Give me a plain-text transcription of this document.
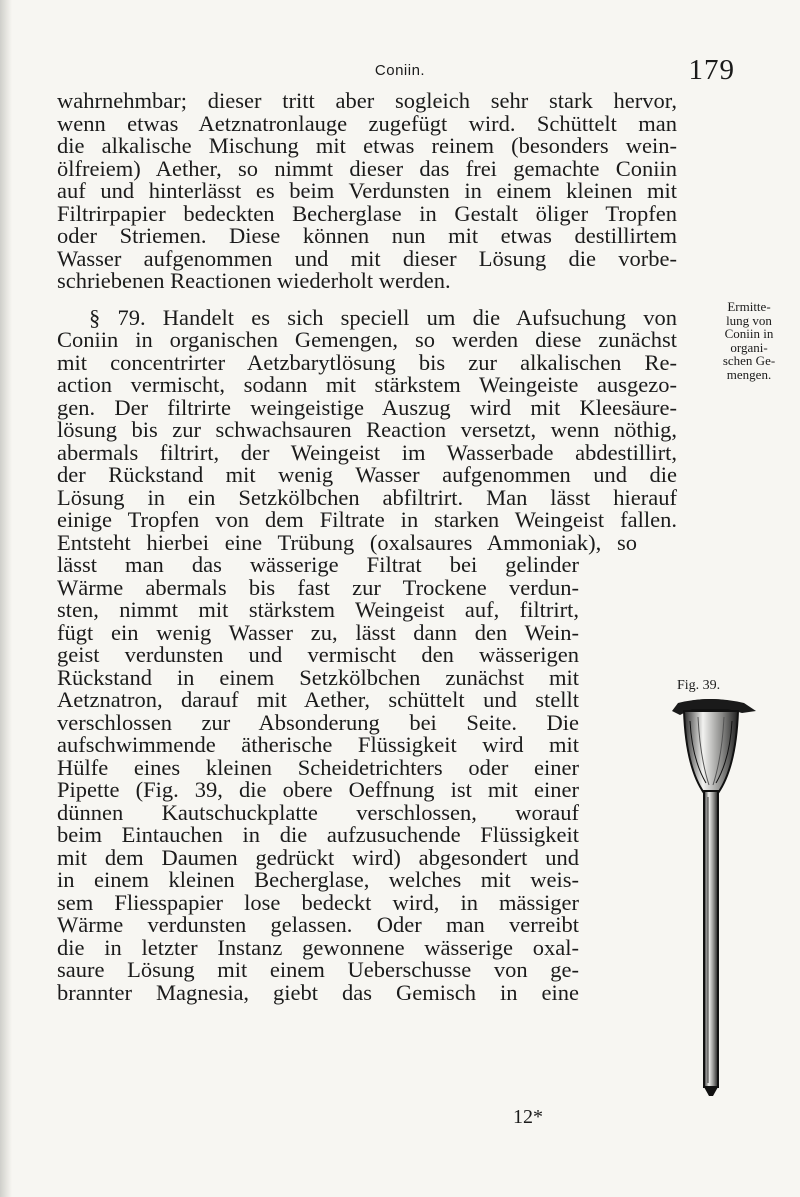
Coniin.	179
wahrnehmbar; dieser tritt aber sogleich sehr stark hervor,
wenn etwas Aetznatronlauge zugefügt wird. Schüttelt man
die alkalische Mischung mit etwas reinem (besonders wein-
ölfreiem) Aether, so nimmt dieser das frei gemachte Coniin
auf und hinterlässt es beim Verdunsten in einem kleinen mit
Filtrirpapier bedeckten Becherglase in Gestalt öliger Tropfen
oder Striemen. Diese können nun mit etwas destillirtem
Wasser aufgenommen und mit dieser Lösung die vorbe-
schriebenen Reactionen wiederholt werden.
§ 79. Handelt es sich speciell um die Aufsuchung von
Coniin in organischen Gemengen, so werden diese zunächst
mit concentrirter Aetzbarytlösung bis zur alkalischen Re-
action vermischt, sodann mit stärkstem Weingeiste ausgezo-
gen. Der filtrirte weingeistige Auszug wird mit Kleesäure-
lösung bis zur schwachsauren Reaction versetzt, wenn nöthig,
abermals filtrirt, der Weingeist im Wasserbade abdestillirt,
der Rückstand mit wenig Wasser aufgenommen und die
Lösung in ein Setzkölbchen abfiltrirt. Man lässt hierauf
einige Tropfen von dem Filtrate in starken Weingeist fallen.
Entsteht hierbei eine Trübung (oxalsaures Ammoniak), so
lässt man das wässerige Filtrat bei gelinder
Wärme abermals bis fast zur Trockene verdun-
sten, nimmt mit stärkstem Weingeist auf, filtrirt,
fügt ein wenig Wasser zu, lässt dann den Wein-
geist verdunsten und vermischt den wässerigen
Rückstand in einem Setzkölbchen zunächst mit
Aetznatron, darauf mit Aether, schüttelt und stellt
verschlossen zur Absonderung bei Seite. Die
aufschwimmende ätherische Flüssigkeit wird mit
Hülfe eines kleinen Scheidetrichters oder einer
Pipette (Fig. 39, die obere Oeffnung ist mit einer
dünnen Kautschuckplatte verschlossen, worauf
beim Eintauchen in die aufzusuchende Flüssigkeit
mit dem Daumen gedrückt wird) abgesondert und
in einem kleinen Becherglase, welches mit weis-
sem Fliesspapier lose bedeckt wird, in mässiger
Wärme verdunsten gelassen. Oder man verreibt
die in letzter Instanz gewonnene wässerige oxal-
saure Lösung mit einem Ueberschusse von ge-
brannter Magnesia, giebt das Gemisch in eine
Ermitte-
lung von
Coniin in
organi-
schen Ge-
mengen.
Fig. 39.
12*
